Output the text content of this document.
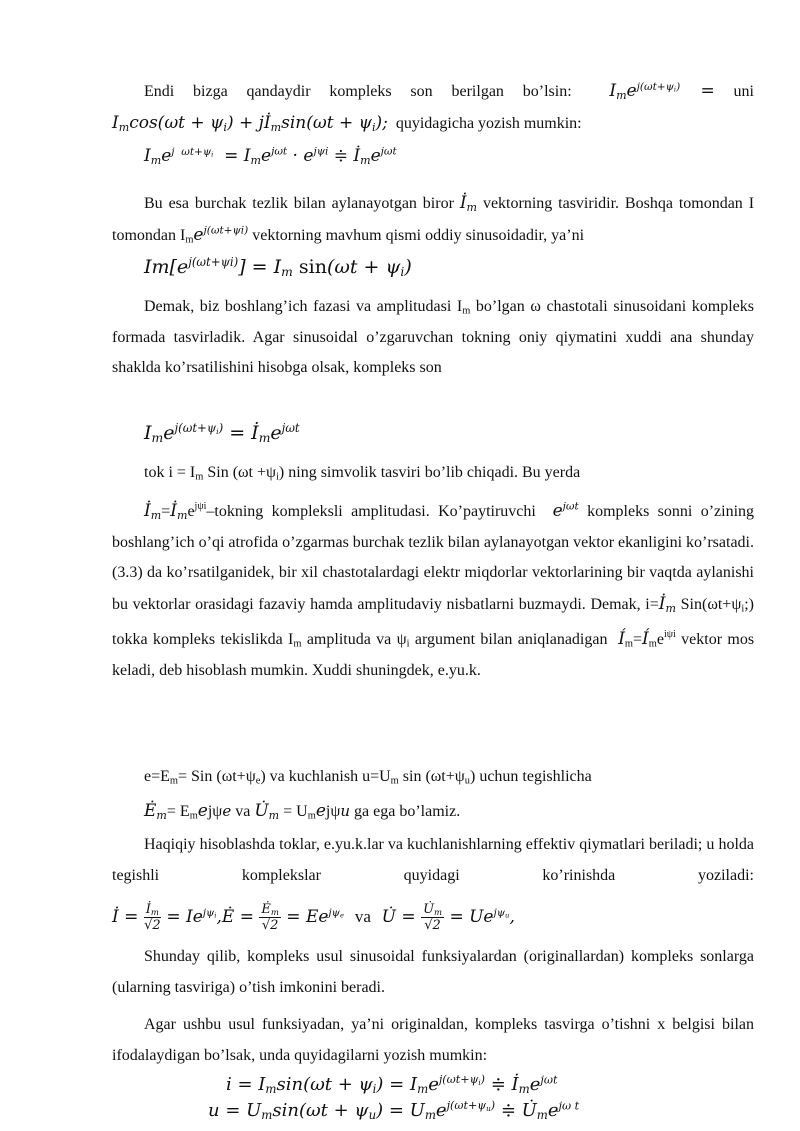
Endi bizga qandaydir kompleks son berilgan bo’lsin: $I_me^{j(\omega t+\psi_i)}$ = uni
$I_m\cos(\omega t + \psi_i)$ + $jİ_m\sin(\omega t + \psi_i)$; quyidagicha yozish mumkin:
$I_me^{j \omega t+\psi_i} = I_me^{j\omega t} \cdot e^{j\psi i}$ ≑ $İ_me^{j\omega t}$
Bu esa burchak tezlik bilan aylanayotgan biror $İ_m$ vektorning tasviridir. Boshqa tomondan I
tomondan $I_me^{j(\omega t+\psi i)}$ vektorning mavhum qismi oddiy sinusoidadir, ya’ni
$Im[e^{j(\omega t+\psi i)}] = I_m$ $\sin(\omega t + \psi_i)$
Demak, biz boshlang’ich fazasi va amplitudasi $I_m$ bo’lgan ω chastotali sinusoidani kompleks formada tasvirladik. Agar sinusoidal o’zgaruvchan tokning oniy qiymatini xuddi ana shunday shaklda ko’rsatilishini hisobga olsak, kompleks son
$I_me^{j(\omega t+\psi_i)}$ = $İ_me^{j\omega t}$
tok $i = I_m$ Sin $(\omega t +\psi_i)$ ning simvolik tasviri bo’lib chiqadi. Bu yerda
$İ_m=İ_me^{j\psi i}$–tokning kompleksli amplitudasi. Ko’paytiruvchi $e^{j\omega t}$ kompleks sonni o’zining boshlang’ich o’qi atrofida o’zgarmas burchak tezlik bilan aylanayotgan vektor ekanligini ko’rsatadi. (3.3) da ko’rsatilganidek, bir xil chastotalardagi elektr miqdorlar vektorlarining bir vaqtda aylanishi bu vektorlar orasidagi fazaviy hamda amplitudaviy nisbatlarni buzmaydi. Demak, $i=İ_m$ $Sin(\omega t+\psi_i;)$ tokka kompleks tekislikda $I_m$ amplituda va $\psi_i$ argument bilan aniqlanadigan $Í_m=Í_me^{i\psi i}$ vektor mos keladi, deb hisoblash mumkin. Xuddi shuningdek, e.yu.k.
$e=E_m=$ Sin $(\omega t+\psi_e)$ va kuchlanish $u=U_m$ $\sin (\omega t+\psi_u)$ uchun tegishlicha
$Ė_m= E_mej\psi e$ va $U̇_m = U_mej\psi u$ ga ega bo’lamiz.
Haqiqiy hisoblashda toklar, e.yu.k.lar va kuchlanishlarning effektiv qiymatlari beriladi; u holda tegishli komplekslar quyidagi ko’rinishda yoziladi:
İ = $\frac{İ_m}{√2}$ = $Ie^{j\psi_i},Ė = \frac{Ė_m}{√2} = Ee^{j\psi_e}$ va  U̇ = $\frac{U̇_m}{√2} = Ue^{j\psi_u}$,
Shunday qilib, kompleks usul sinusoidal funksiyalardan (originallardan) kompleks sonlarga (ularning tasviriga) o’tish imkonini beradi.
Agar ushbu usul funksiyadan, ya’ni originaldan, kompleks tasvirga o’tishni x belgisi bilan ifodalaydigan bo’lsak, unda quyidagilarni yozish mumkin:
$i = I_m\sin(\omega t + \psi_i) = I_me^{j(\omega t+\psi_i)}$ ≑ $İ_me^{j\omega t}$
$u = U_m\sin(\omega t + \psi_u) = U_me^{j(\omega t+\psi_u)}$ ≑ $U̇_me^{j\omega t}$
